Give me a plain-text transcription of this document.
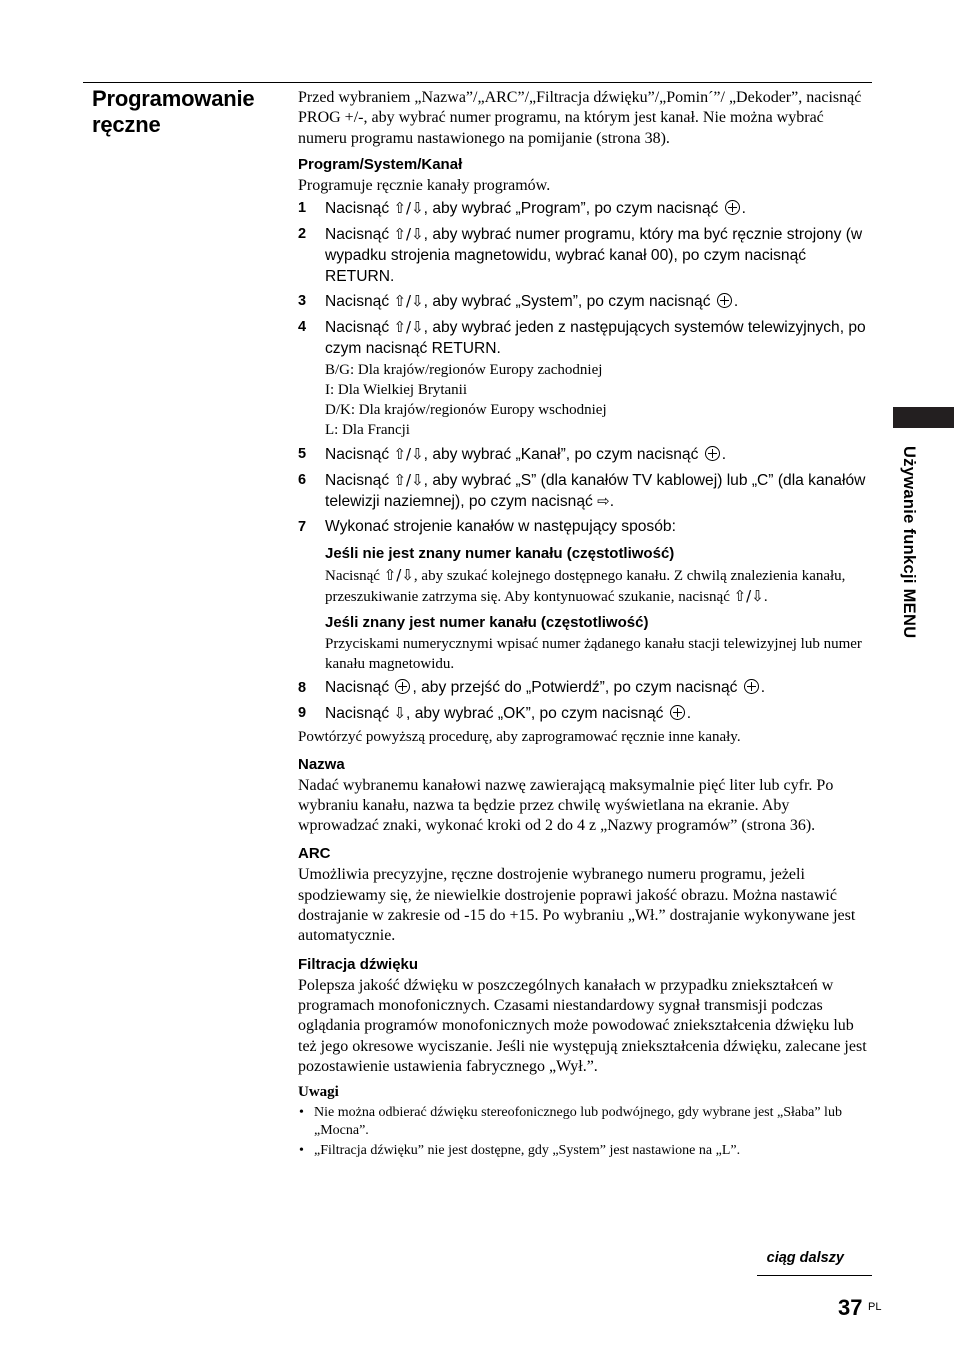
Programowanie
ręczne

Przed wybraniem „Nazwa”/„ARC”/„Filtracja dźwięku”/„Pominˊ”/ „Dekoder”, nacisnąć PROG +/-, aby wybrać numer programu, na którym jest kanał. Nie można wybrać numeru programu nastawionego na pomijanie (strona 38).

Program/System/Kanał

Programuje ręcznie kanały programów.

1 Nacisnąć ⇧/⇩, aby wybrać „Program”, po czym nacisnąć .
2 Nacisnąć ⇧/⇩, aby wybrać numer programu, który ma być ręcznie strojony (w wypadku strojenia magnetowidu, wybrać kanał 00), po czym nacisnąć RETURN.
3 Nacisnąć ⇧/⇩, aby wybrać „System”, po czym nacisnąć .
4 Nacisnąć ⇧/⇩, aby wybrać jeden z następujących systemów telewizyjnych, po czym nacisnąć RETURN.
B/G: Dla krajów/regionów Europy zachodniej
I: Dla Wielkiej Brytanii
D/K: Dla krajów/regionów Europy wschodniej
L: Dla Francji
5 Nacisnąć ⇧/⇩, aby wybrać „Kanał”, po czym nacisnąć .
6 Nacisnąć ⇧/⇩, aby wybrać „S” (dla kanałów TV kablowej) lub „C” (dla kanałów telewizji naziemnej), po czym nacisnąć ⇨.
7 Wykonać strojenie kanałów w następujący sposób:
Jeśli nie jest znany numer kanału (częstotliwość)
Nacisnąć ⇧/⇩, aby szukać kolejnego dostępnego kanału. Z chwilą znalezienia kanału, przeszukiwanie zatrzyma się. Aby kontynuować szukanie, nacisnąć ⇧/⇩.
Jeśli znany jest numer kanału (częstotliwość)
Przyciskami numerycznymi wpisać numer żądanego kanału stacji telewizyjnej lub numer kanału magnetowidu.
8 Nacisnąć , aby przejść do „Potwierdź”, po czym nacisnąć .
9 Nacisnąć ⇩, aby wybrać „OK”, po czym nacisnąć .

Powtórzyć powyższą procedurę, aby zaprogramować ręcznie inne kanały.

Nazwa

Nadać wybranemu kanałowi nazwę zawierającą maksymalnie pięć liter lub cyfr. Po wybraniu kanału, nazwa ta będzie przez chwilę wyświetlana na ekranie. Aby wprowadzać znaki, wykonać kroki od 2 do 4 z „Nazwy programów” (strona 36).

ARC

Umożliwia precyzyjne, ręczne dostrojenie wybranego numeru programu, jeżeli spodziewamy się, że niewielkie dostrojenie poprawi jakość obrazu. Można nastawić dostrajanie w zakresie od -15 do +15. Po wybraniu „Wł.” dostrajanie wykonywane jest automatycznie.

Filtracja dźwięku

Polepsza jakość dźwięku w poszczególnych kanałach w przypadku zniekształceń w programach monofonicznych. Czasami niestandardowy sygnał transmisji podczas oglądania programów monofonicznych może powodować zniekształcenia dźwięku lub też jego okresowe wyciszanie. Jeśli nie występują zniekształcenia dźwięku, zalecane jest pozostawienie ustawienia fabrycznego „Wył.”.

Uwagi

• Nie można odbierać dźwięku stereofonicznego lub podwójnego, gdy wybrane jest „Słaba” lub „Mocna”.
• „Filtracja dźwięku” nie jest dostępne, gdy „System” jest nastawione na „L”.
Używanie funkcji MENU
ciąg dalszy
37 PL
